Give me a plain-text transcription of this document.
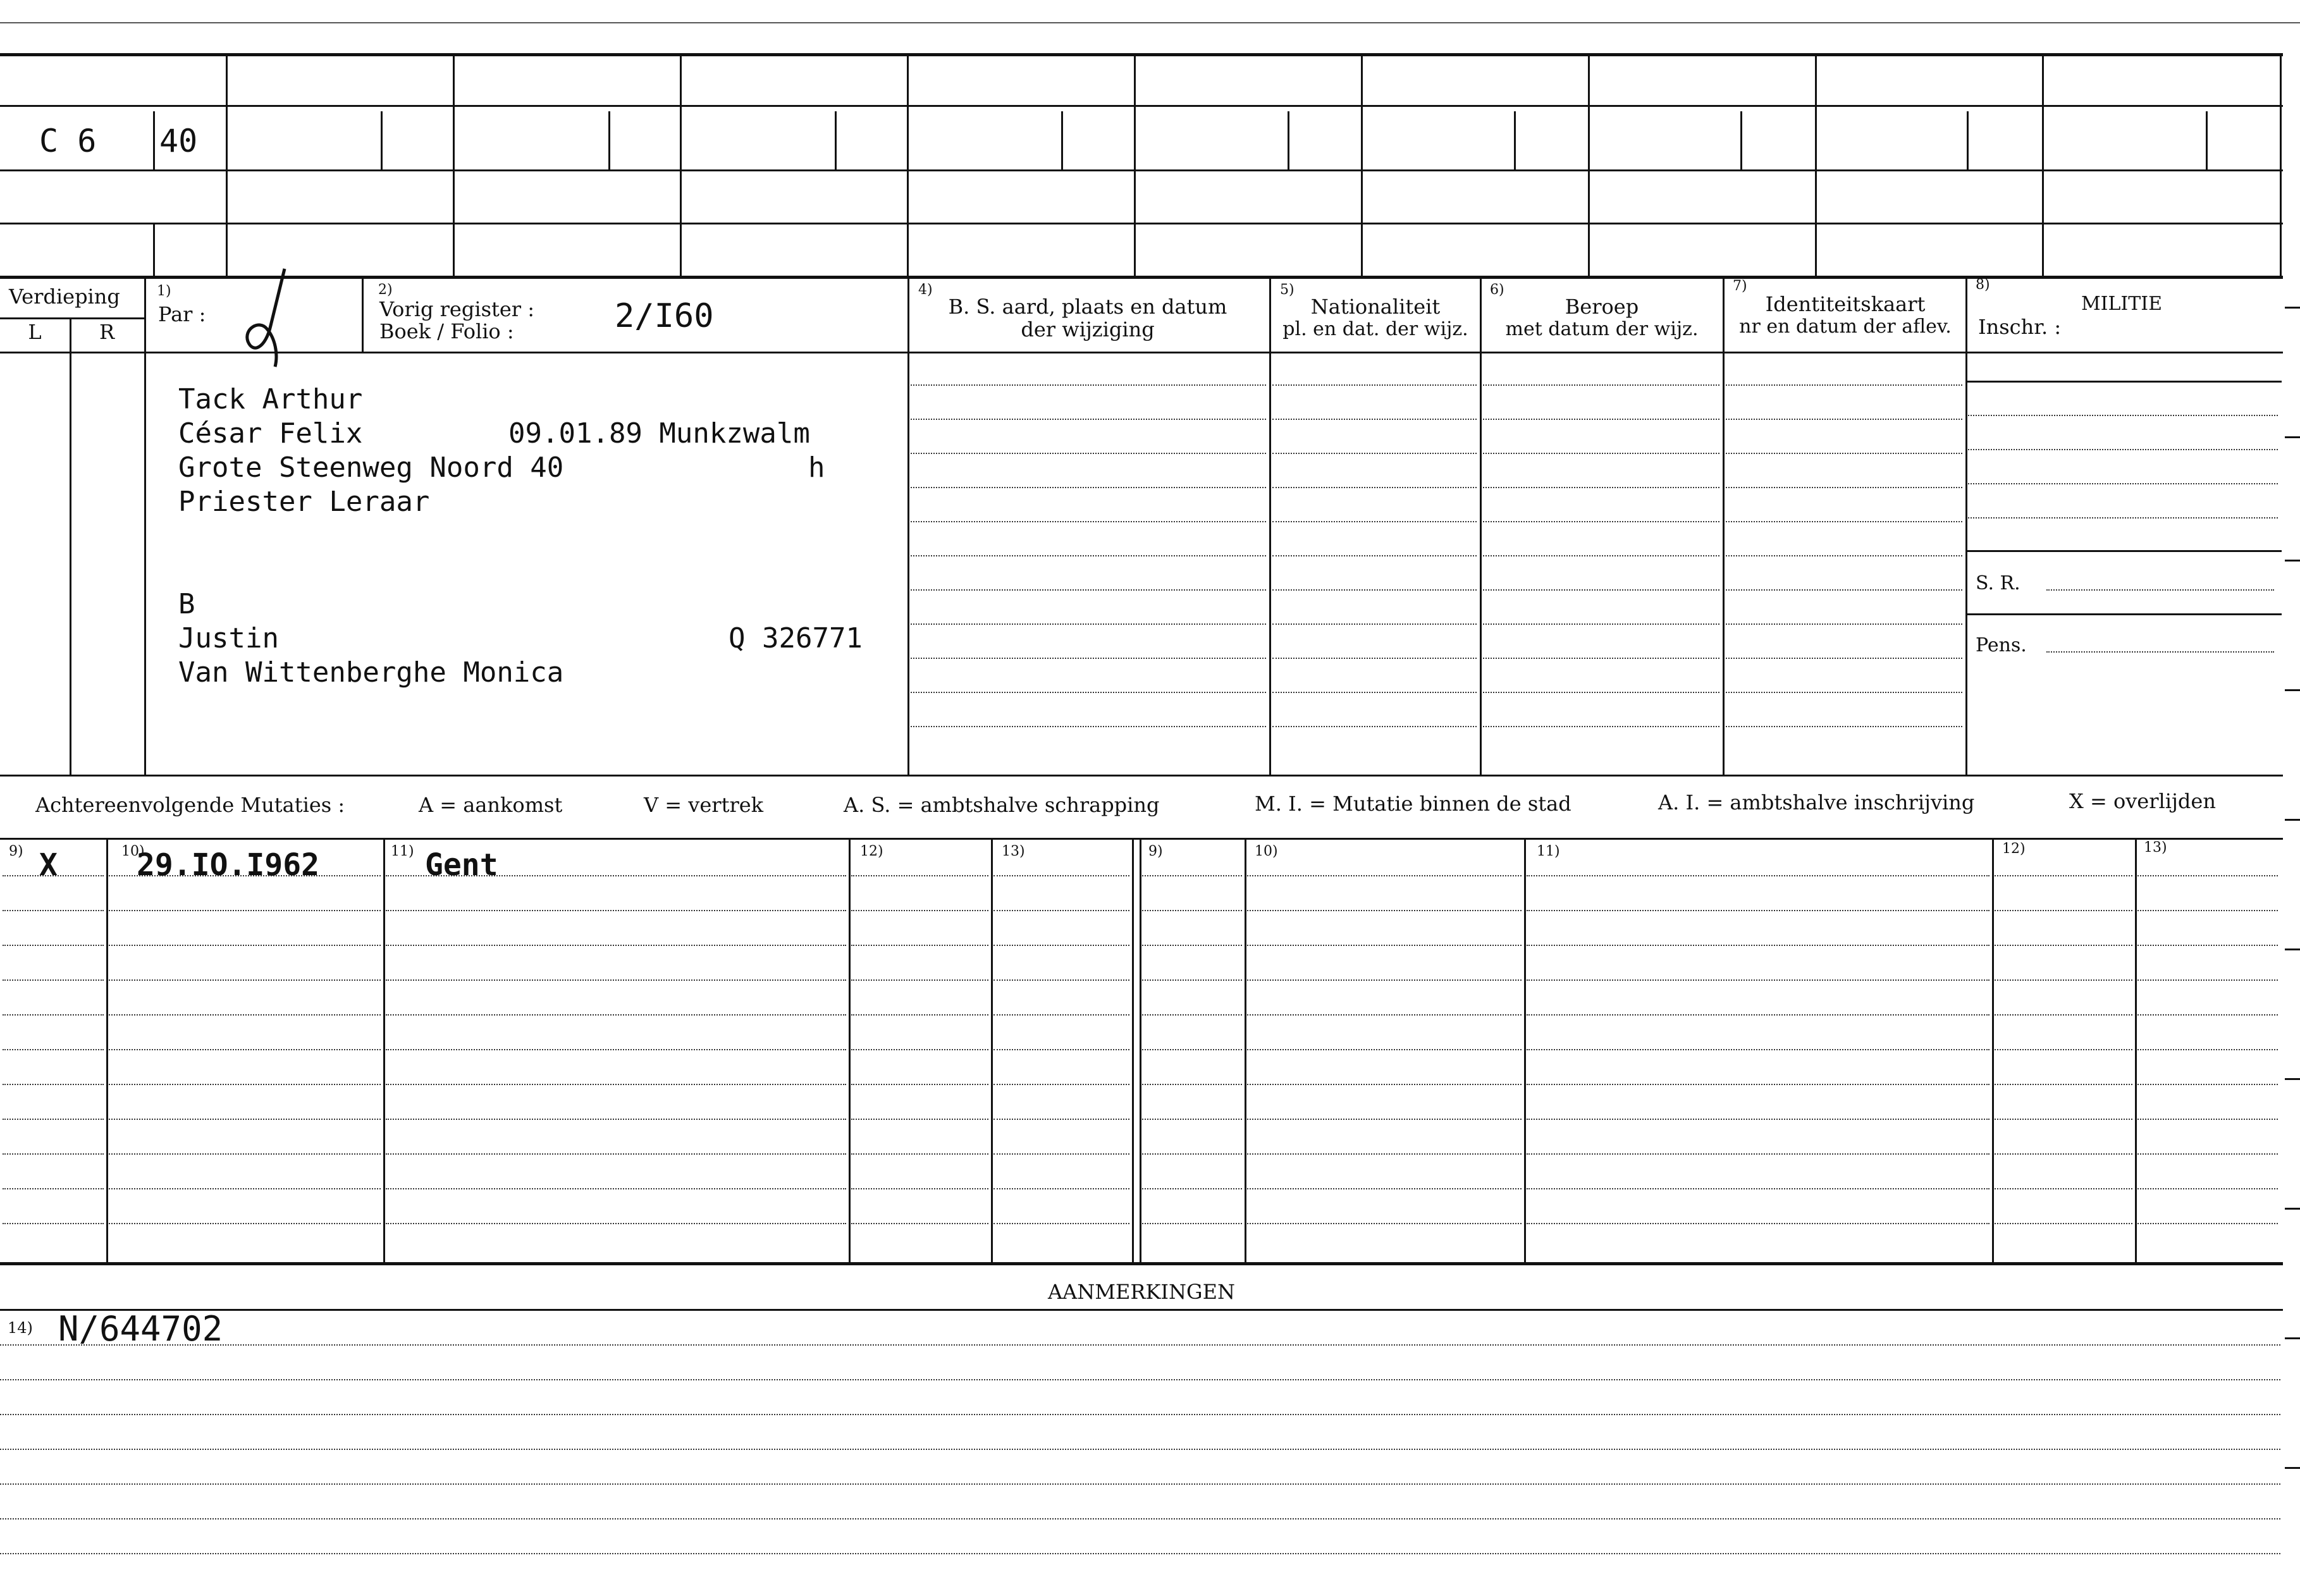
C 6 40
Verdieping
L	R
1)
Par :
2)
Vorig register :
Boek / Folio :	2/I60
4)
B. S. aard, plaats en datum
der wijziging
5)
Nationaliteit
pl. en dat. der wijz.
6)
Beroep
met datum der wijz.
7)
Identiteitskaart
nr en datum der aflev.
8)
MILITIE
Inschr. :
Tack Arthur
César Felix	09.01.89 Munkzwalm
Grote Steenweg Noord 40	h
Priester Leraar
B
Justin	Q 326771
Van Wittenberghe Monica
S. R.
Pens.
Achtereenvolgende Mutaties :	A = aankomst	V = vertrek	A. S. = ambtshalve schrapping	M. I. = Mutatie binnen de stad	A. I. = ambtshalve inschrijving	X = overlijden
9)	10)	11)	12)	13)	9)	10)	11)	12)	13)
X	29.IO.I962	Gent
AANMERKINGEN
14) N/644702
